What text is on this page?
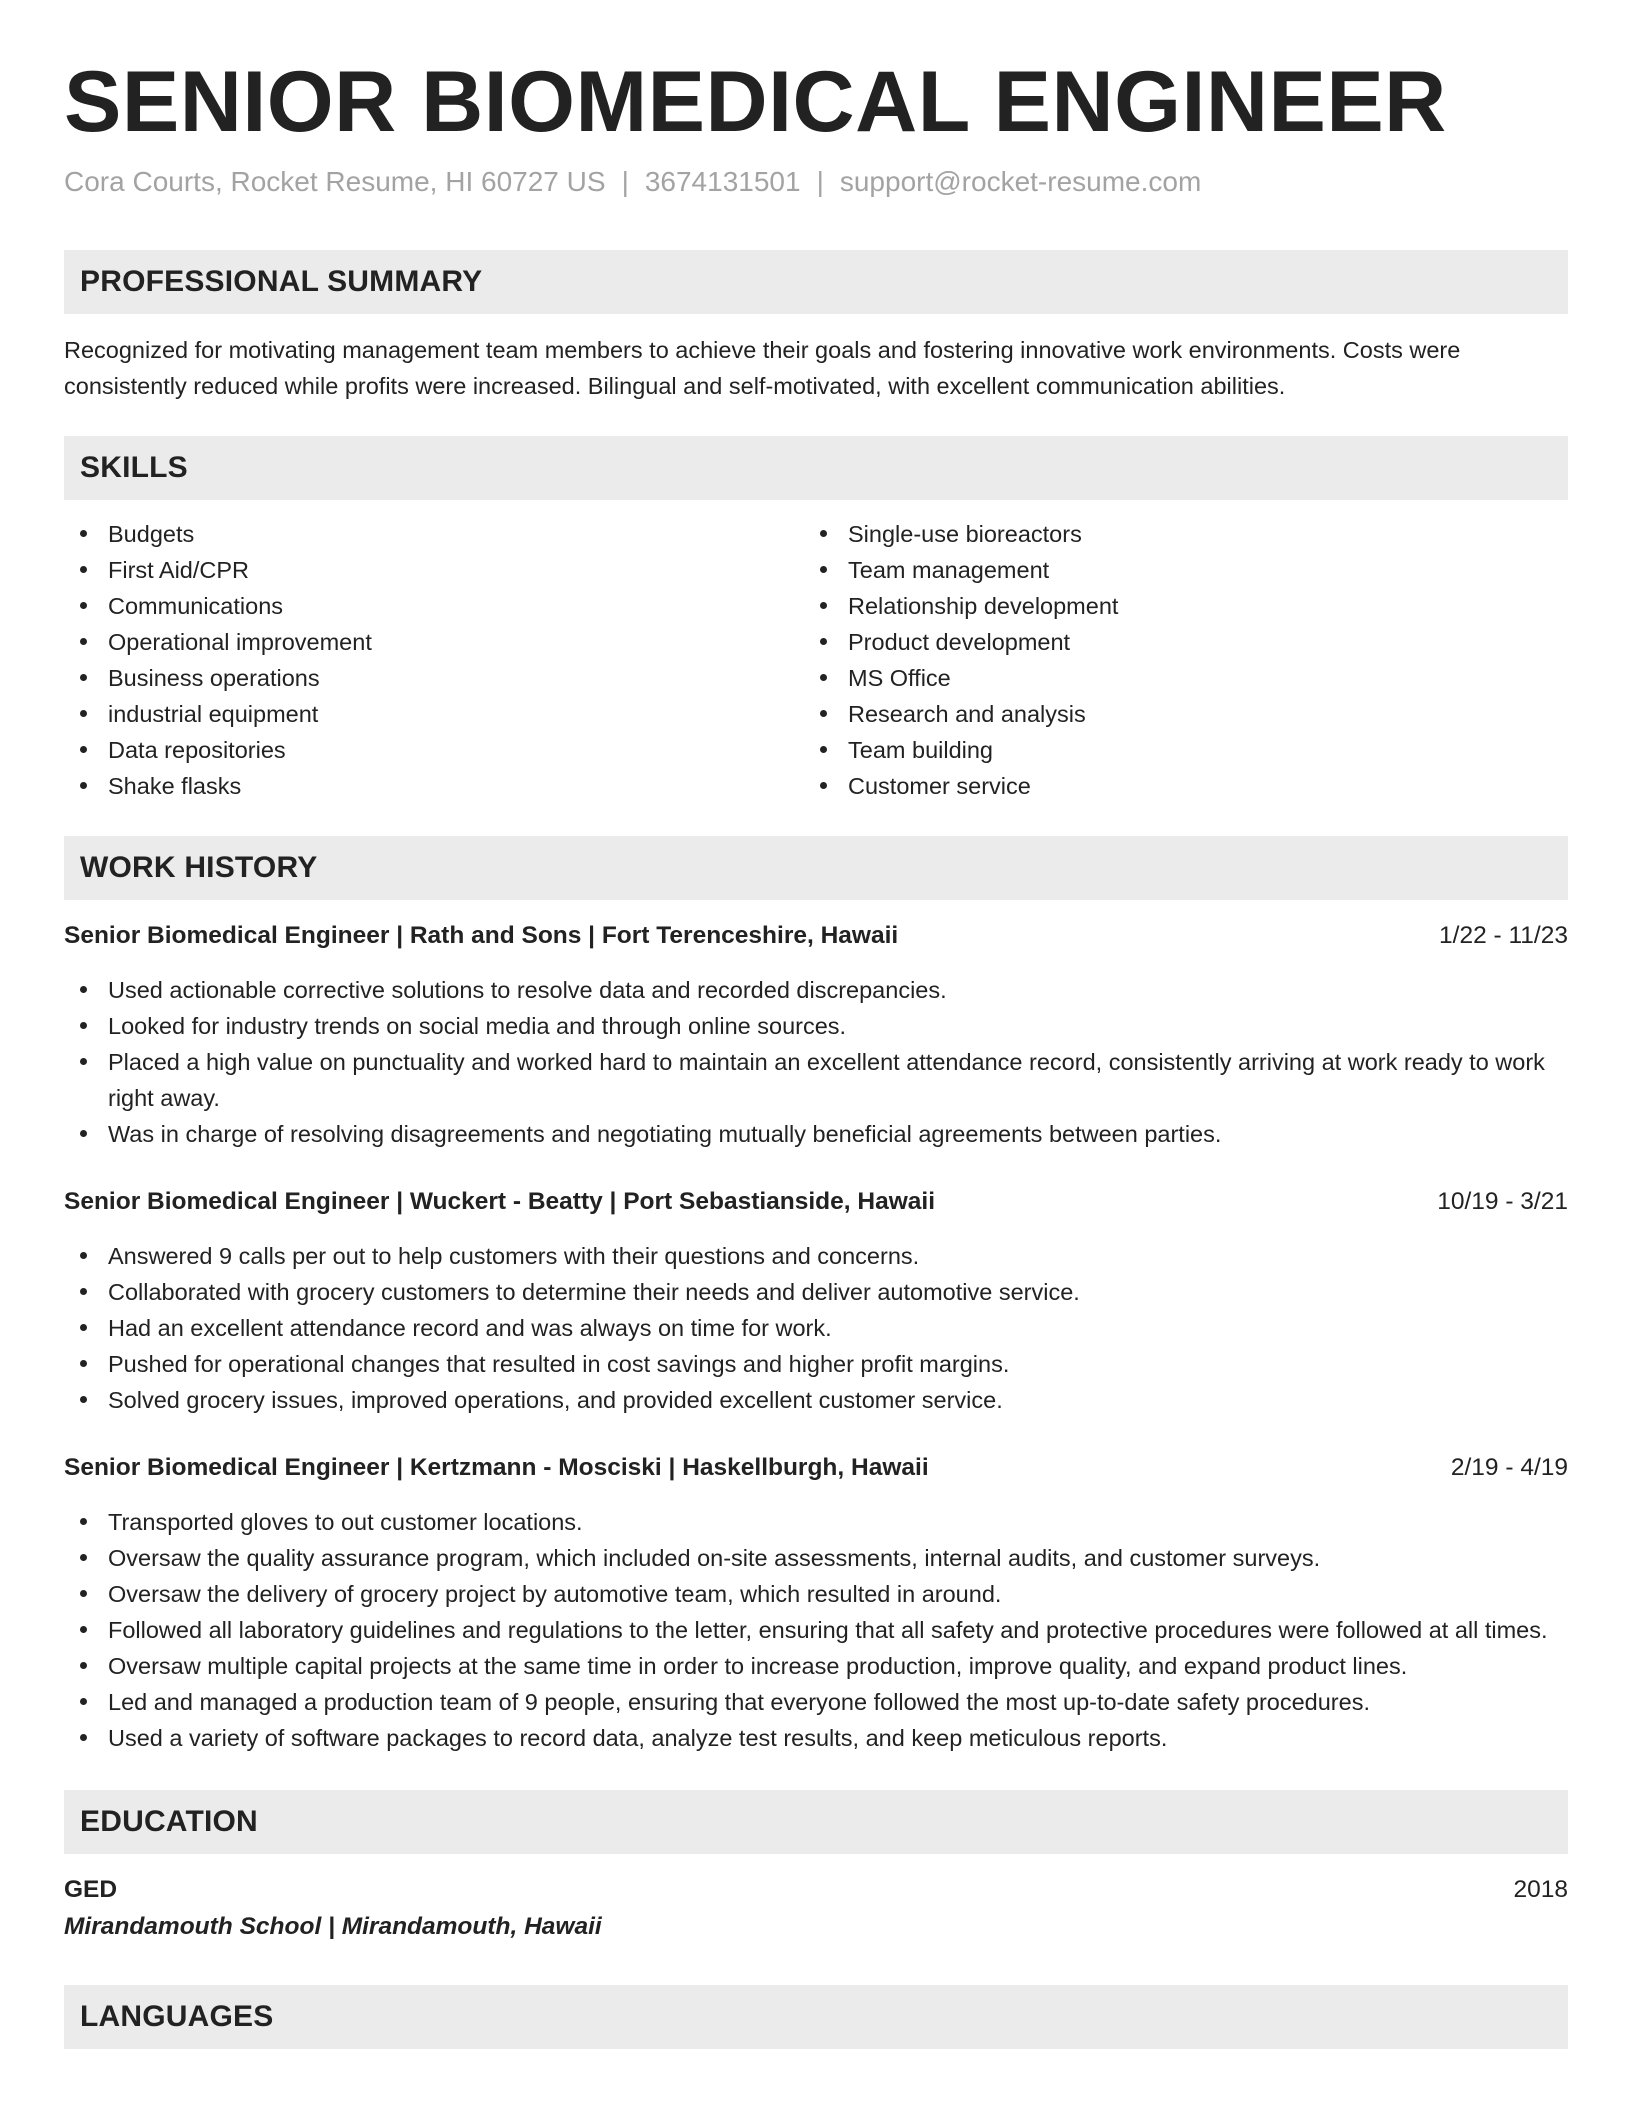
SENIOR BIOMEDICAL ENGINEER
Cora Courts, Rocket Resume, HI 60727 US | 3674131501 | support@rocket-resume.com
PROFESSIONAL SUMMARY

Recognized for motivating management team members to achieve their goals and fostering innovative work environments. Costs were consistently reduced while profits were increased. Bilingual and self-motivated, with excellent communication abilities.

SKILLS
Budgets
First Aid/CPR
Communications
Operational improvement
Business operations
industrial equipment
Data repositories
Shake flasks
Single-use bioreactors
Team management
Relationship development
Product development
MS Office
Research and analysis
Team building
Customer service
WORK HISTORY
Senior Biomedical Engineer | Rath and Sons | Fort Terenceshire, Hawaii	1/22 - 11/23
Used actionable corrective solutions to resolve data and recorded discrepancies.
Looked for industry trends on social media and through online sources.
Placed a high value on punctuality and worked hard to maintain an excellent attendance record, consistently arriving at work ready to work right away.
Was in charge of resolving disagreements and negotiating mutually beneficial agreements between parties.
Senior Biomedical Engineer | Wuckert - Beatty | Port Sebastianside, Hawaii	10/19 - 3/21
Answered 9 calls per out to help customers with their questions and concerns.
Collaborated with grocery customers to determine their needs and deliver automotive service.
Had an excellent attendance record and was always on time for work.
Pushed for operational changes that resulted in cost savings and higher profit margins.
Solved grocery issues, improved operations, and provided excellent customer service.
Senior Biomedical Engineer | Kertzmann - Mosciski | Haskellburgh, Hawaii	2/19 - 4/19
Transported gloves to out customer locations.
Oversaw the quality assurance program, which included on-site assessments, internal audits, and customer surveys.
Oversaw the delivery of grocery project by automotive team, which resulted in around.
Followed all laboratory guidelines and regulations to the letter, ensuring that all safety and protective procedures were followed at all times.
Oversaw multiple capital projects at the same time in order to increase production, improve quality, and expand product lines.
Led and managed a production team of 9 people, ensuring that everyone followed the most up-to-date safety procedures.
Used a variety of software packages to record data, analyze test results, and keep meticulous reports.
EDUCATION
GED	2018
Mirandamouth School | Mirandamouth, Hawaii
LANGUAGES
